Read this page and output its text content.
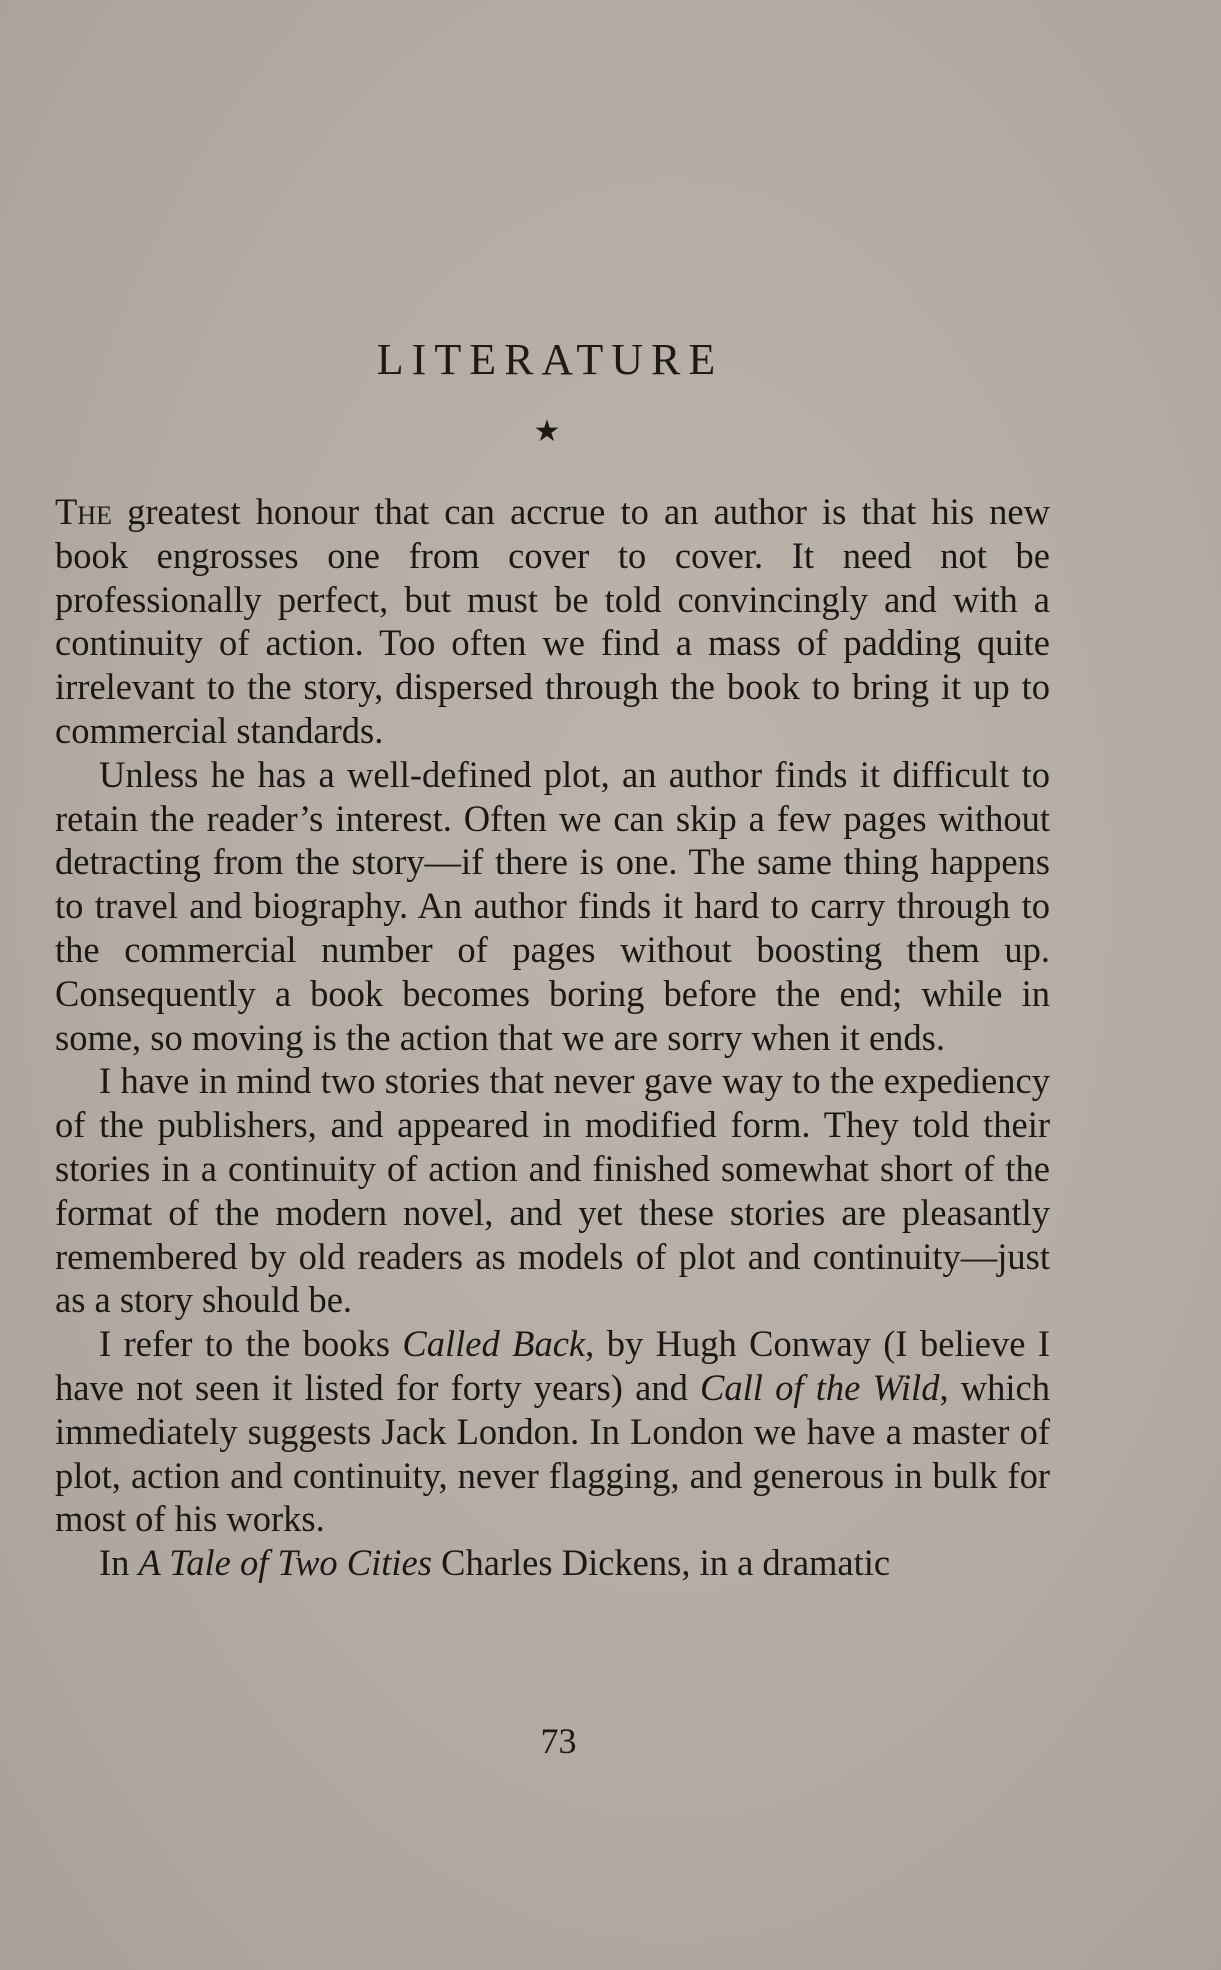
LITERATURE
★

The greatest honour that can accrue to an author is that his new book engrosses one from cover to cover. It need not be professionally perfect, but must be told convincingly and with a continuity of action. Too often we find a mass of padding quite irrelevant to the story, dispersed through the book to bring it up to commercial standards.

Unless he has a well-defined plot, an author finds it difficult to retain the reader’s interest. Often we can skip a few pages without detracting from the story—if there is one. The same thing happens to travel and biography. An author finds it hard to carry through to the commercial number of pages without boosting them up. Consequently a book becomes boring before the end; while in some, so moving is the action that we are sorry when it ends.

I have in mind two stories that never gave way to the expediency of the publishers, and appeared in modified form. They told their stories in a continuity of action and finished somewhat short of the format of the modern novel, and yet these stories are pleasantly remembered by old readers as models of plot and continuity—just as a story should be.

I refer to the books Called Back, by Hugh Conway (I believe I have not seen it listed for forty years) and Call of the Wild, which immediately suggests Jack London. In London we have a master of plot, action and continuity, never flagging, and generous in bulk for most of his works.

In A Tale of Two Cities Charles Dickens, in a dramatic

73
